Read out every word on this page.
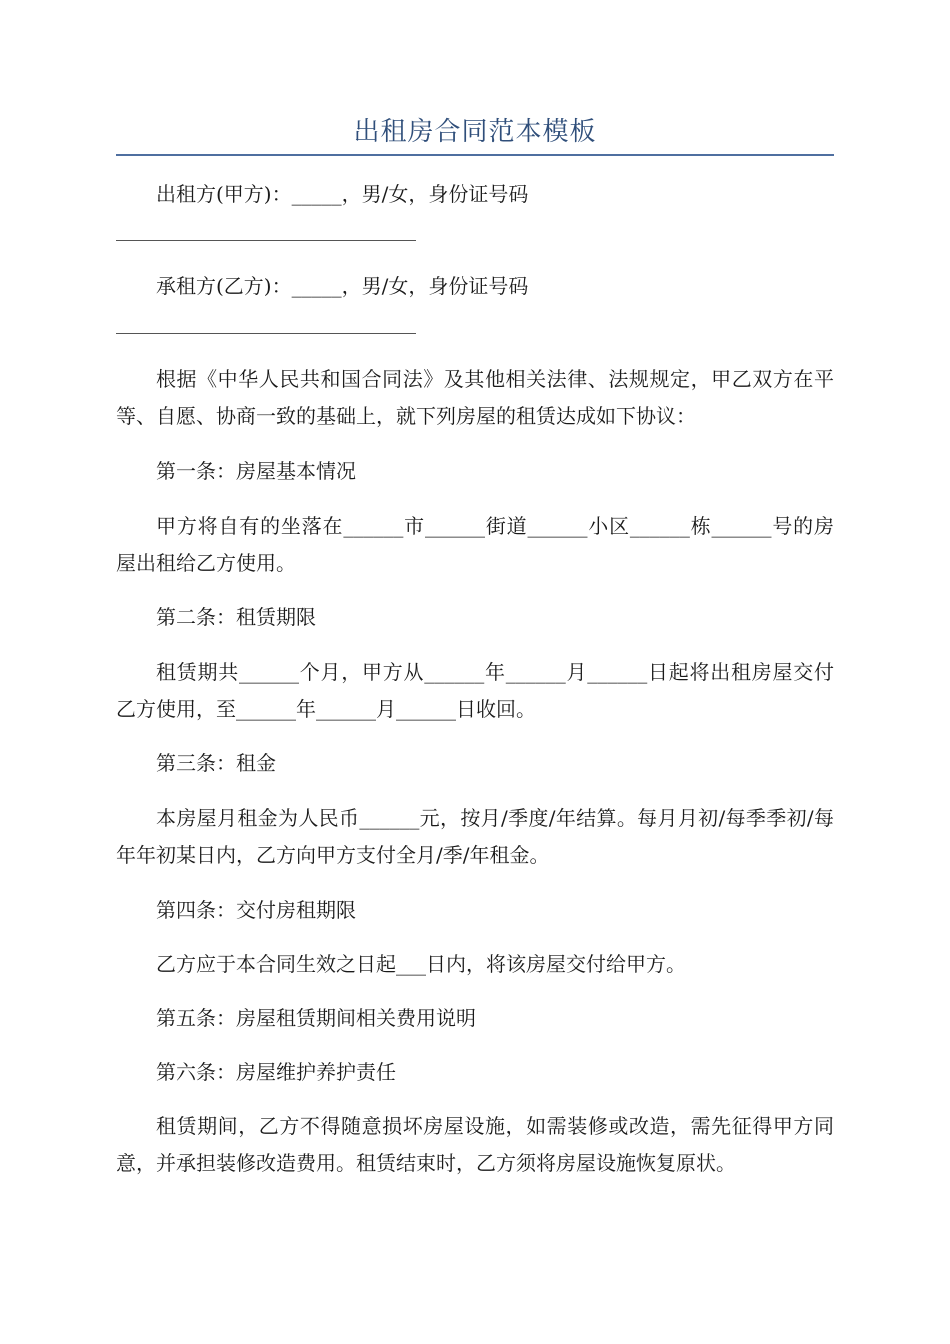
出租房合同范本模板

出租方(甲方)：_____，男/女，身份证号码

承租方(乙方)：_____，男/女，身份证号码

根据《中华人民共和国合同法》及其他相关法律、法规规定，甲乙双方在平等、自愿、协商一致的基础上，就下列房屋的租赁达成如下协议：

第一条：房屋基本情况

甲方将自有的坐落在______市______街道______小区______栋______号的房屋出租给乙方使用。

第二条：租赁期限

租赁期共______个月，甲方从______年______月______日起将出租房屋交付乙方使用，至______年______月______日收回。

第三条：租金

本房屋月租金为人民币______元，按月/季度/年结算。每月月初/每季季初/每年年初某日内，乙方向甲方支付全月/季/年租金。

第四条：交付房租期限

乙方应于本合同生效之日起___日内，将该房屋交付给甲方。

第五条：房屋租赁期间相关费用说明

第六条：房屋维护养护责任

租赁期间，乙方不得随意损坏房屋设施，如需装修或改造，需先征得甲方同意，并承担装修改造费用。租赁结束时，乙方须将房屋设施恢复原状。
